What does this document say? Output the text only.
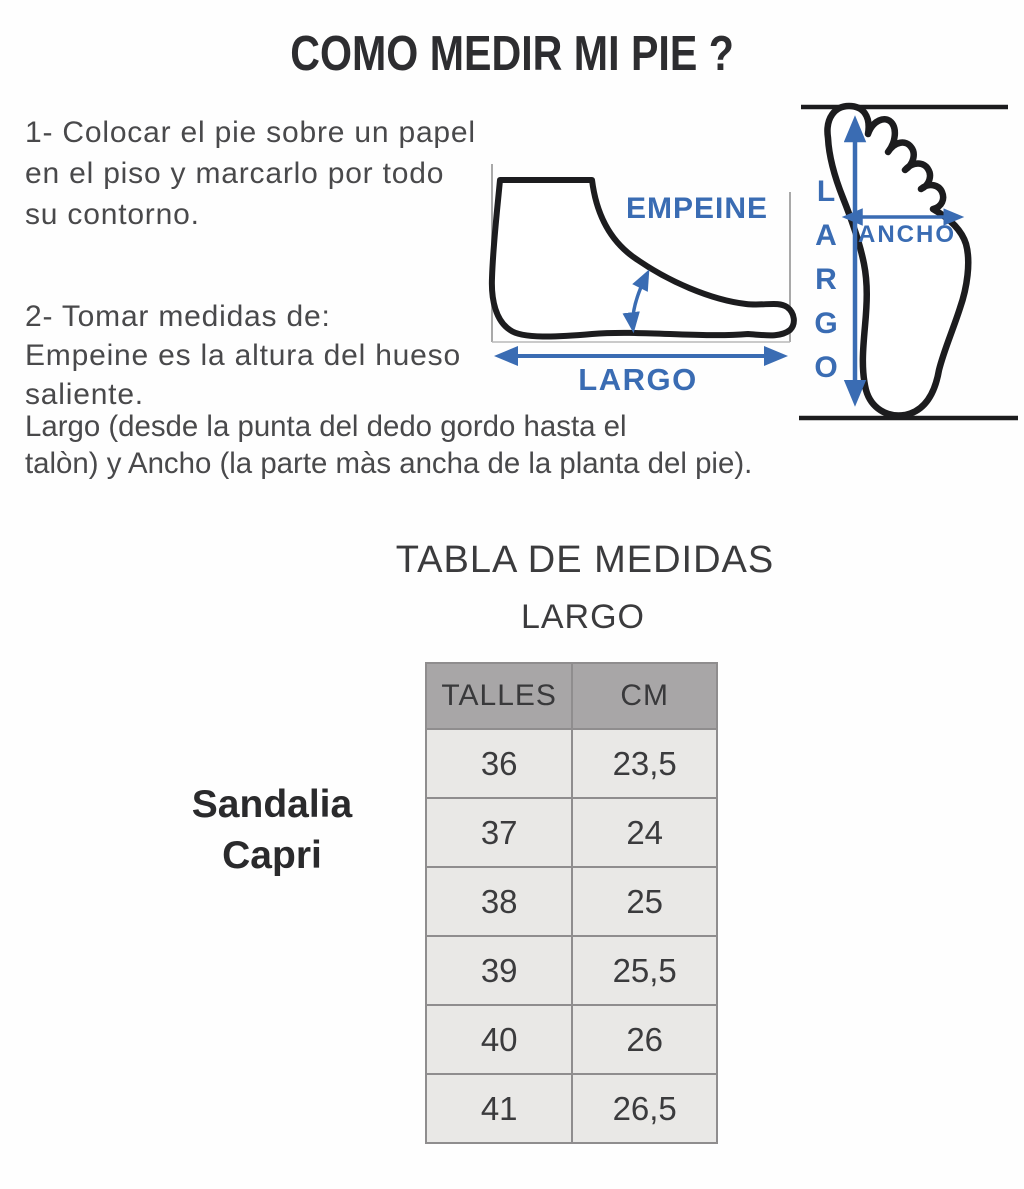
COMO MEDIR MI PIE ?
1- Colocar el pie sobre un papel
en el piso y marcarlo por todo
su contorno.
2- Tomar medidas de:
Empeine es la altura del hueso
saliente.
Largo (desde la punta del dedo gordo hasta el
talòn) y Ancho (la parte màs ancha de la planta del pie).
EMPEINE
LARGO
L
A
R
G
O
ANCHO
TABLA DE MEDIDAS
LARGO
Sandalia
Capri
TALLES	CM
36	23,5
37	24
38	25
39	25,5
40	26
41	26,5
